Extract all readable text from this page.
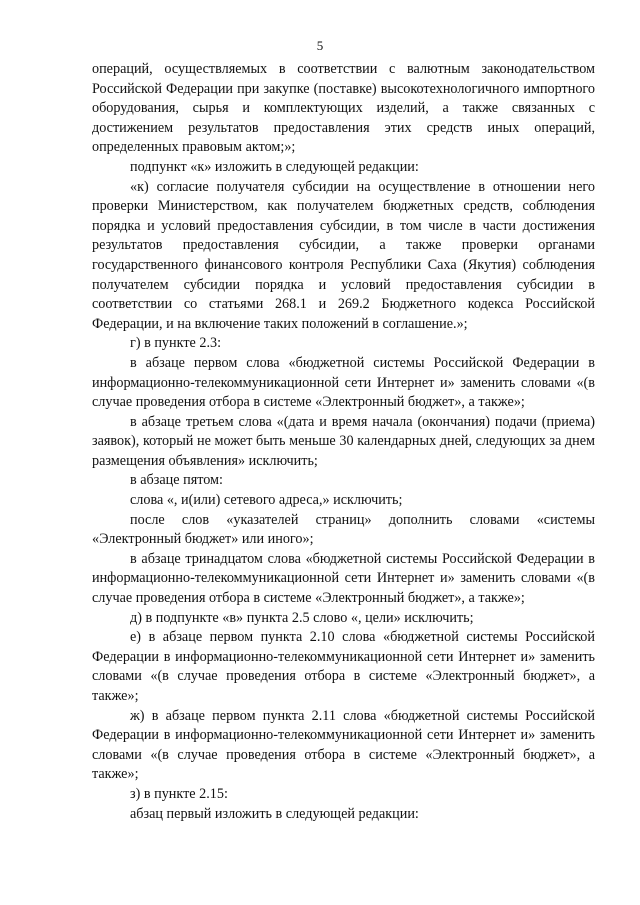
5

операций, осуществляемых в соответствии с валютным законодательством Российской Федерации при закупке (поставке) высокотехнологичного импортного оборудования, сырья и комплектующих изделий, а также связанных с достижением результатов предоставления этих средств иных операций, определенных правовым актом;»;

подпункт «к» изложить в следующей редакции:

«к) согласие получателя субсидии на осуществление в отношении него проверки Министерством, как получателем бюджетных средств, соблюдения порядка и условий предоставления субсидии, в том числе в части достижения результатов предоставления субсидии, а также проверки органами государственного финансового контроля Республики Саха (Якутия) соблюдения получателем субсидии порядка и условий предоставления субсидии в соответствии со статьями 268.1 и 269.2 Бюджетного кодекса Российской Федерации, и на включение таких положений в соглашение.»;

г) в пункте 2.3:

в абзаце первом слова «бюджетной системы Российской Федерации в информационно-телекоммуникационной сети Интернет и» заменить словами «(в случае проведения отбора в системе «Электронный бюджет», а также»;

в абзаце третьем слова «(дата и время начала (окончания) подачи (приема) заявок), который не может быть меньше 30 календарных дней, следующих за днем размещения объявления» исключить;

в абзаце пятом:

слова «, и(или) сетевого адреса,» исключить;

после слов «указателей страниц» дополнить словами «системы «Электронный бюджет» или иного»;

в абзаце тринадцатом слова «бюджетной системы Российской Федерации в информационно-телекоммуникационной сети Интернет и» заменить словами «(в случае проведения отбора в системе «Электронный бюджет», а также»;

д) в подпункте «в» пункта 2.5 слово «, цели» исключить;

е) в абзаце первом пункта 2.10 слова «бюджетной системы Российской Федерации в информационно-телекоммуникационной сети Интернет и» заменить словами «(в случае проведения отбора в системе «Электронный бюджет», а также»;

ж) в абзаце первом пункта 2.11 слова «бюджетной системы Российской Федерации в информационно-телекоммуникационной сети Интернет и» заменить словами «(в случае проведения отбора в системе «Электронный бюджет», а также»;

з) в пункте 2.15:

абзац первый изложить в следующей редакции:
